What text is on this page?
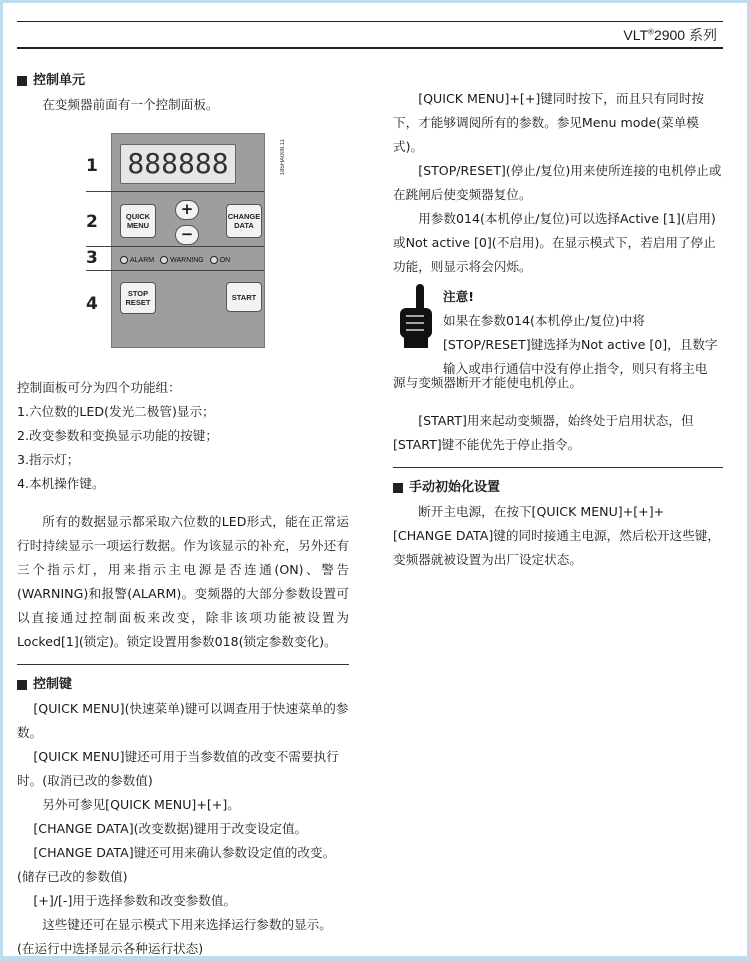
VLT®2900 系列
控制单元

在变频器前面有一个控制面板。

1
2
3
4
888888	185HA008.11
QUICK
MENU
+
−
CHANGE
DATA
ALARM WARNING ON
STOP
RESET
START

控制面板可分为四个功能组：

1.六位数的LED(发光二极管)显示；

2.改变参数和变换显示功能的按键；

3.指示灯；

4.本机操作键。

所有的数据显示都采取六位数的LED形式，能在正常运行时持续显示一项运行数据。作为该显示的补充，另外还有三个指示灯，用来指示主电源是否连通(ON)、警告(WARNING)和报警(ALARM)。变频器的大部分参数设置可以直接通过控制面板来改变，除非该项功能被设置为Locked[1](锁定)。锁定设置用参数018(锁定参数变化)。

控制键

[QUICK MENU](快速菜单)键可以调查用于快速菜单的参数。

[QUICK MENU]键还可用于当参数值的改变不需要执行时。(取消已改的参数值)

另外可参见[QUICK MENU]+[+]。

[CHANGE DATA](改变数据)键用于改变设定值。

[CHANGE DATA]键还可用来确认参数设定值的改变。(储存已改的参数值)

[+]/[-]用于选择参数和改变参数值。

这些键还可在显示模式下用来选择运行参数的显示。(在运行中选择显示各种运行状态)

[QUICK MENU]+[+]键同时按下，而且只有同时按下，才能够调阅所有的参数。参见Menu mode(菜单模式)。

[STOP/RESET](停止/复位)用来使所连接的电机停止或在跳闸后使变频器复位。

用参数014(本机停止/复位)可以选择Active [1](启用)或Not active [0](不启用)。在显示模式下，若启用了停止功能，则显示将会闪烁。

注意!

如果在参数014(本机停止/复位)中将[STOP/RESET]键选择为Not active [0]，且数字输入或串行通信中没有停止指令，则只有将主电

源与变频器断开才能使电机停止。

[START]用来起动变频器，始终处于启用状态，但[START]键不能优先于停止指令。

手动初始化设置

断开主电源，在按下[QUICK MENU]+[+]+[CHANGE DATA]键的同时接通主电源，然后松开这些键，变频器就被设置为出厂设定状态。
